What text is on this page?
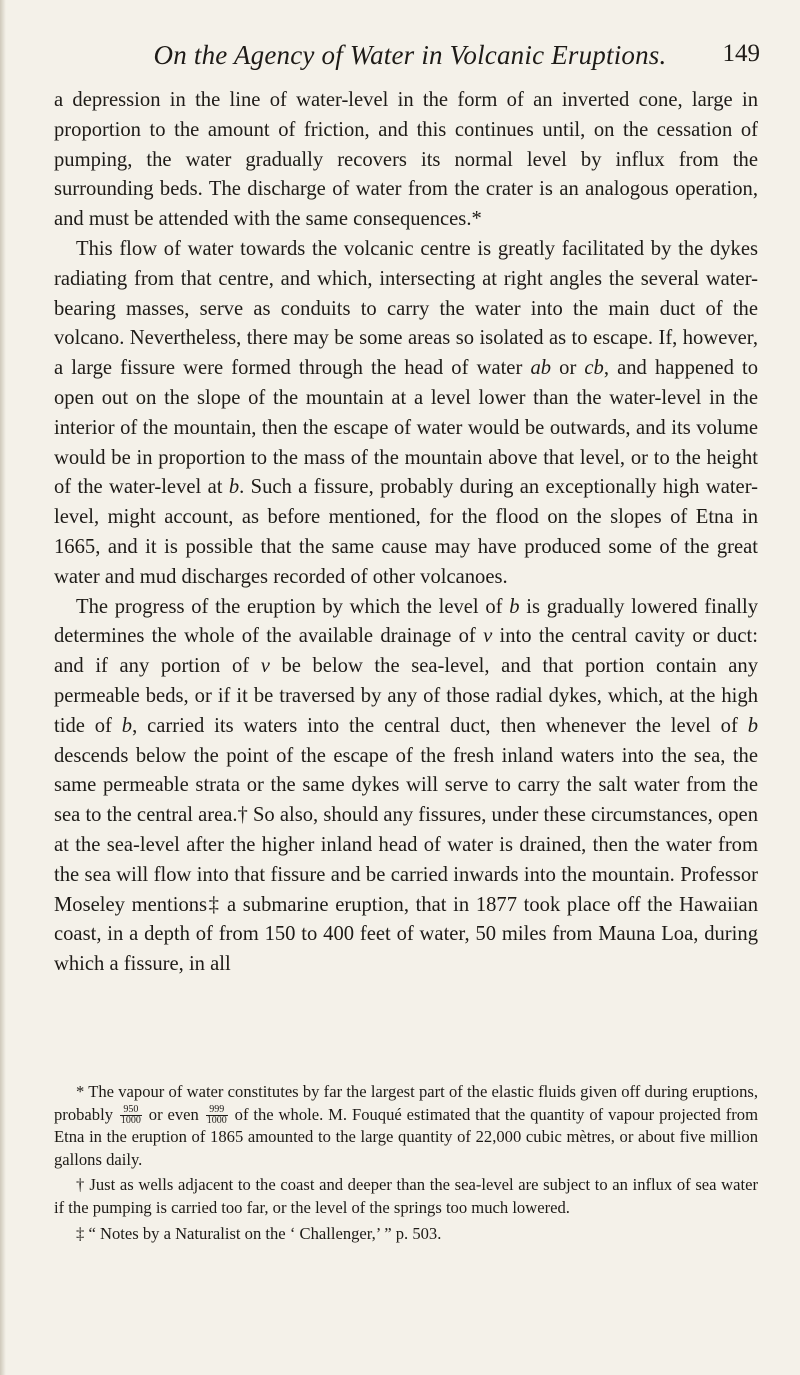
On the Agency of Water in Volcanic Eruptions.	149

a depression in the line of water-level in the form of an inverted cone, large in proportion to the amount of friction, and this continues until, on the cessation of pumping, the water gradually recovers its normal level by influx from the surrounding beds. The discharge of water from the crater is an analogous operation, and must be attended with the same consequences.*

This flow of water towards the volcanic centre is greatly facilitated by the dykes radiating from that centre, and which, intersecting at right angles the several water-bearing masses, serve as conduits to carry the water into the main duct of the volcano. Nevertheless, there may be some areas so isolated as to escape. If, however, a large fissure were formed through the head of water ab or cb, and happened to open out on the slope of the mountain at a level lower than the water-level in the interior of the mountain, then the escape of water would be outwards, and its volume would be in proportion to the mass of the mountain above that level, or to the height of the water-level at b. Such a fissure, probably during an exceptionally high water-level, might account, as before mentioned, for the flood on the slopes of Etna in 1665, and it is possible that the same cause may have produced some of the great water and mud discharges recorded of other volcanoes.

The progress of the eruption by which the level of b is gradually lowered finally determines the whole of the available drainage of v into the central cavity or duct: and if any portion of v be below the sea-level, and that portion contain any permeable beds, or if it be traversed by any of those radial dykes, which, at the high tide of b, carried its waters into the central duct, then whenever the level of b descends below the point of the escape of the fresh inland waters into the sea, the same permeable strata or the same dykes will serve to carry the salt water from the sea to the central area.† So also, should any fissures, under these circumstances, open at the sea-level after the higher inland head of water is drained, then the water from the sea will flow into that fissure and be carried inwards into the mountain. Professor Moseley mentions‡ a submarine eruption, that in 1877 took place off the Hawaiian coast, in a depth of from 150 to 400 feet of water, 50 miles from Mauna Loa, during which a fissure, in all

* The vapour of water constitutes by far the largest part of the elastic fluids given off during eruptions, probably $\frac{950}{1000}$ or even $\frac{999}{1000}$ of the whole. M. Fouqué estimated that the quantity of vapour projected from Etna in the eruption of 1865 amounted to the large quantity of 22,000 cubic mètres, or about five million gallons daily.

† Just as wells adjacent to the coast and deeper than the sea-level are subject to an influx of sea water if the pumping is carried too far, or the level of the springs too much lowered.

‡ “ Notes by a Naturalist on the ‘ Challenger,’ ” p. 503.
